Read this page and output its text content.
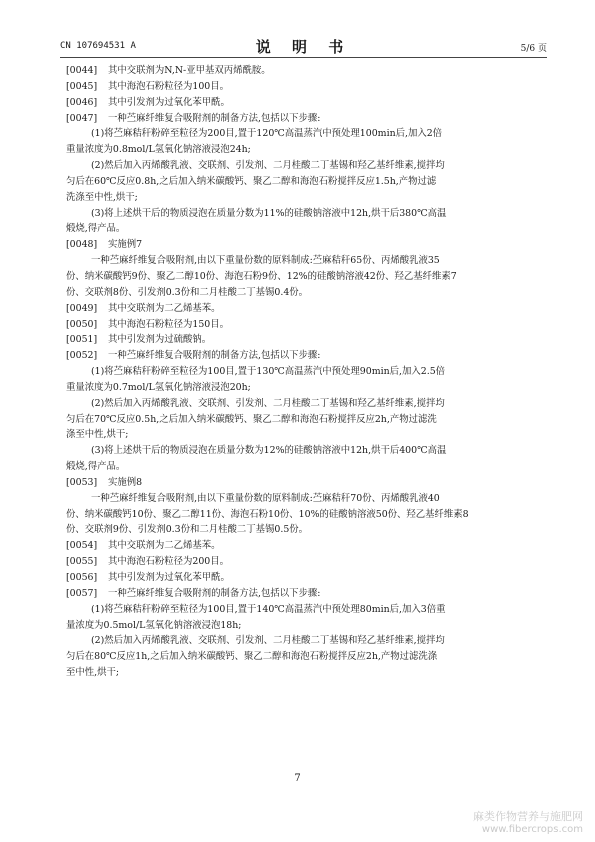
CN 107694531 A	说 明 书	5/6 页
[0044] 其中交联剂为N,N-亚甲基双丙烯酰胺。
[0045] 其中海泡石粉粒径为100目。
[0046] 其中引发剂为过氧化苯甲酰。
[0047] 一种苎麻纤维复合吸附剂的制备方法,包括以下步骤:
(1)将苎麻秸秆粉碎至粒径为200目,置于120℃高温蒸汽中预处理100min后,加入2倍
重量浓度为0.8mol/L氢氧化钠溶液浸泡24h;
(2)然后加入丙烯酸乳液、交联剂、引发剂、二月桂酸二丁基锡和羟乙基纤维素,搅拌均
匀后在60℃反应0.8h,之后加入纳米碳酸钙、聚乙二醇和海泡石粉搅拌反应1.5h,产物过滤
洗涤至中性,烘干;
(3)将上述烘干后的物质浸泡在质量分数为11%的硅酸钠溶液中12h,烘干后380℃高温
煅烧,得产品。
[0048] 实施例7
一种苎麻纤维复合吸附剂,由以下重量份数的原料制成:苎麻秸秆65份、丙烯酸乳液35
份、纳米碳酸钙9份、聚乙二醇10份、海泡石粉9份、12%的硅酸钠溶液42份、羟乙基纤维素7
份、交联剂8份、引发剂0.3份和二月桂酸二丁基锡0.4份。
[0049] 其中交联剂为二乙烯基苯。
[0050] 其中海泡石粉粒径为150目。
[0051] 其中引发剂为过硫酸钠。
[0052] 一种苎麻纤维复合吸附剂的制备方法,包括以下步骤:
(1)将苎麻秸秆粉碎至粒径为100目,置于130℃高温蒸汽中预处理90min后,加入2.5倍
重量浓度为0.7mol/L氢氧化钠溶液浸泡20h;
(2)然后加入丙烯酸乳液、交联剂、引发剂、二月桂酸二丁基锡和羟乙基纤维素,搅拌均
匀后在70℃反应0.5h,之后加入纳米碳酸钙、聚乙二醇和海泡石粉搅拌反应2h,产物过滤洗
涤至中性,烘干;
(3)将上述烘干后的物质浸泡在质量分数为12%的硅酸钠溶液中12h,烘干后400℃高温
煅烧,得产品。
[0053] 实施例8
一种苎麻纤维复合吸附剂,由以下重量份数的原料制成:苎麻秸秆70份、丙烯酸乳液40
份、纳米碳酸钙10份、聚乙二醇11份、海泡石粉10份、10%的硅酸钠溶液50份、羟乙基纤维素8
份、交联剂9份、引发剂0.3份和二月桂酸二丁基锡0.5份。
[0054] 其中交联剂为二乙烯基苯。
[0055] 其中海泡石粉粒径为200目。
[0056] 其中引发剂为过氧化苯甲酰。
[0057] 一种苎麻纤维复合吸附剂的制备方法,包括以下步骤:
(1)将苎麻秸秆粉碎至粒径为100目,置于140℃高温蒸汽中预处理80min后,加入3倍重
量浓度为0.5mol/L氢氧化钠溶液浸泡18h;
(2)然后加入丙烯酸乳液、交联剂、引发剂、二月桂酸二丁基锡和羟乙基纤维素,搅拌均
匀后在80℃反应1h,之后加入纳米碳酸钙、聚乙二醇和海泡石粉搅拌反应2h,产物过滤洗涤
至中性,烘干;
7
麻类作物营养与施肥网
www.fibercrops.com
